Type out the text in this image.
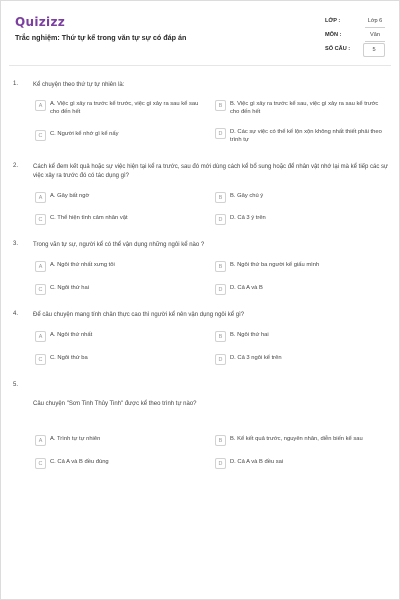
Quizizz
Trắc nghiệm: Thứ tự kể trong văn tự sự có đáp án
LỚP :	Lớp 6
MÔN :	Văn
SỐ CÂU :	5
1.	Kể chuyện theo thứ tự tự nhiên là:
A	A. Việc gì xảy ra trước kể trước, việc gì xảy ra sau kể sau cho đến hết
B	B. Việc gì xảy ra trước kể sau, việc gì xảy ra sau kể trước cho đến hết
C	C. Người kể nhớ gì kể nấy	D	D. Các sự việc có thể kể lộn xộn không nhất thiết phải theo trình tự
2.	Cách kể đem kết quả hoặc sự việc hiện tại kể ra trước, sau đó mới dùng cách kể bổ sung hoặc để nhân vật nhớ lại mà kể tiếp các sự việc xảy ra trước đó có tác dụng gì?
A	A. Gây bất ngờ	B	B. Gây chú ý
C	C. Thể hiện tình cảm nhân vật	D	D. Cả 3 ý trên
3.	Trong văn tự sự, người kể có thể vận dụng những ngôi kể nào ?
A	A. Ngôi thứ nhất xưng tôi	B	B. Ngôi thứ ba người kể giấu mình
C	C. Ngôi thứ hai	D	D. Cả A và B
4.	Để câu chuyện mang tính chân thực cao thì người kể nên vận dụng ngôi kể gì?
A	A. Ngôi thứ nhất	B	B. Ngôi thứ hai
C	C. Ngôi thứ ba	D	D. Cả 3 ngôi kể trên
5.
Câu chuyện "Sơn Tinh Thủy Tinh" được kể theo trình tự nào?
A	A. Trình tự tự nhiên	B	B. Kể kết quả trước, nguyên nhân, diễn biến kể sau
C	C. Cả A và B đều đúng	D	D. Cả A và B đều sai
